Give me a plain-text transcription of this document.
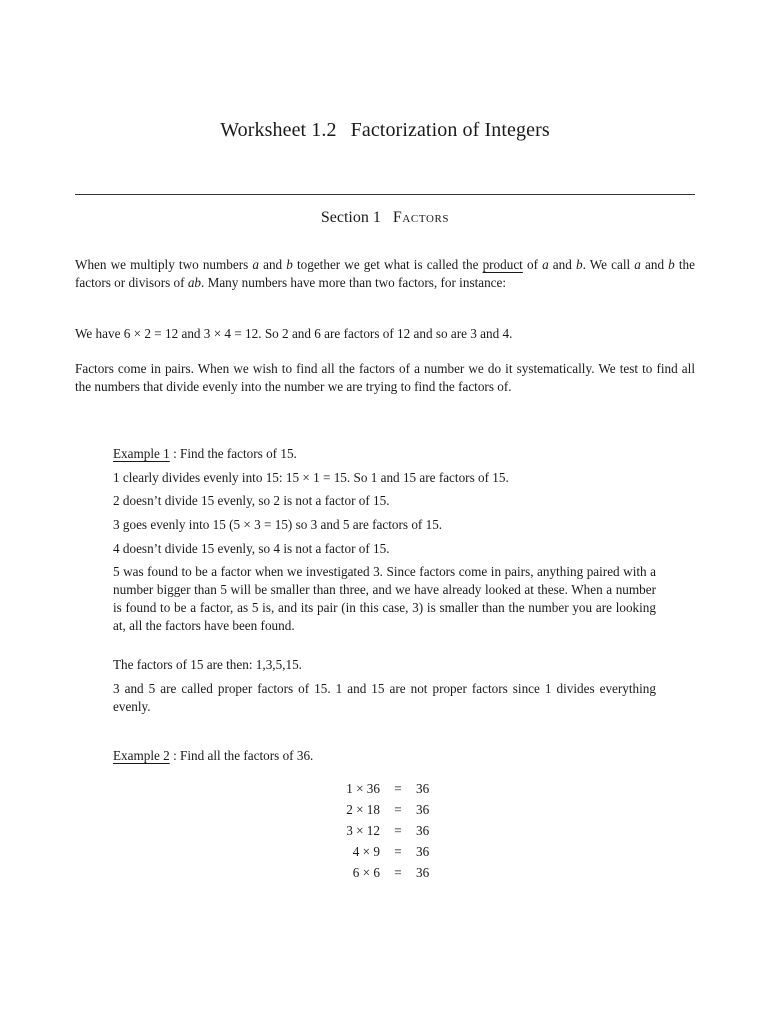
Worksheet 1.2 Factorization of Integers
Section 1 Factors
When we multiply two numbers a and b together we get what is called the product of a and b. We call a and b the factors or divisors of ab. Many numbers have more than two factors, for instance:
We have 6 × 2 = 12 and 3 × 4 = 12. So 2 and 6 are factors of 12 and so are 3 and 4.
Factors come in pairs. When we wish to find all the factors of a number we do it systematically. We test to find all the numbers that divide evenly into the number we are trying to find the factors of.
Example 1 : Find the factors of 15.
1 clearly divides evenly into 15: 15 × 1 = 15. So 1 and 15 are factors of 15.
2 doesn’t divide 15 evenly, so 2 is not a factor of 15.
3 goes evenly into 15 (5 × 3 = 15) so 3 and 5 are factors of 15.
4 doesn’t divide 15 evenly, so 4 is not a factor of 15.
5 was found to be a factor when we investigated 3. Since factors come in pairs, anything paired with a number bigger than 5 will be smaller than three, and we have already looked at these. When a number is found to be a factor, as 5 is, and its pair (in this case, 3) is smaller than the number you are looking at, all the factors have been found.
The factors of 15 are then: 1,3,5,15.
3 and 5 are called proper factors of 15. 1 and 15 are not proper factors since 1 divides everything evenly.
Example 2 : Find all the factors of 36.
1 × 36	=	36
2 × 18	=	36
3 × 12	=	36
4 × 9	=	36
6 × 6	=	36
